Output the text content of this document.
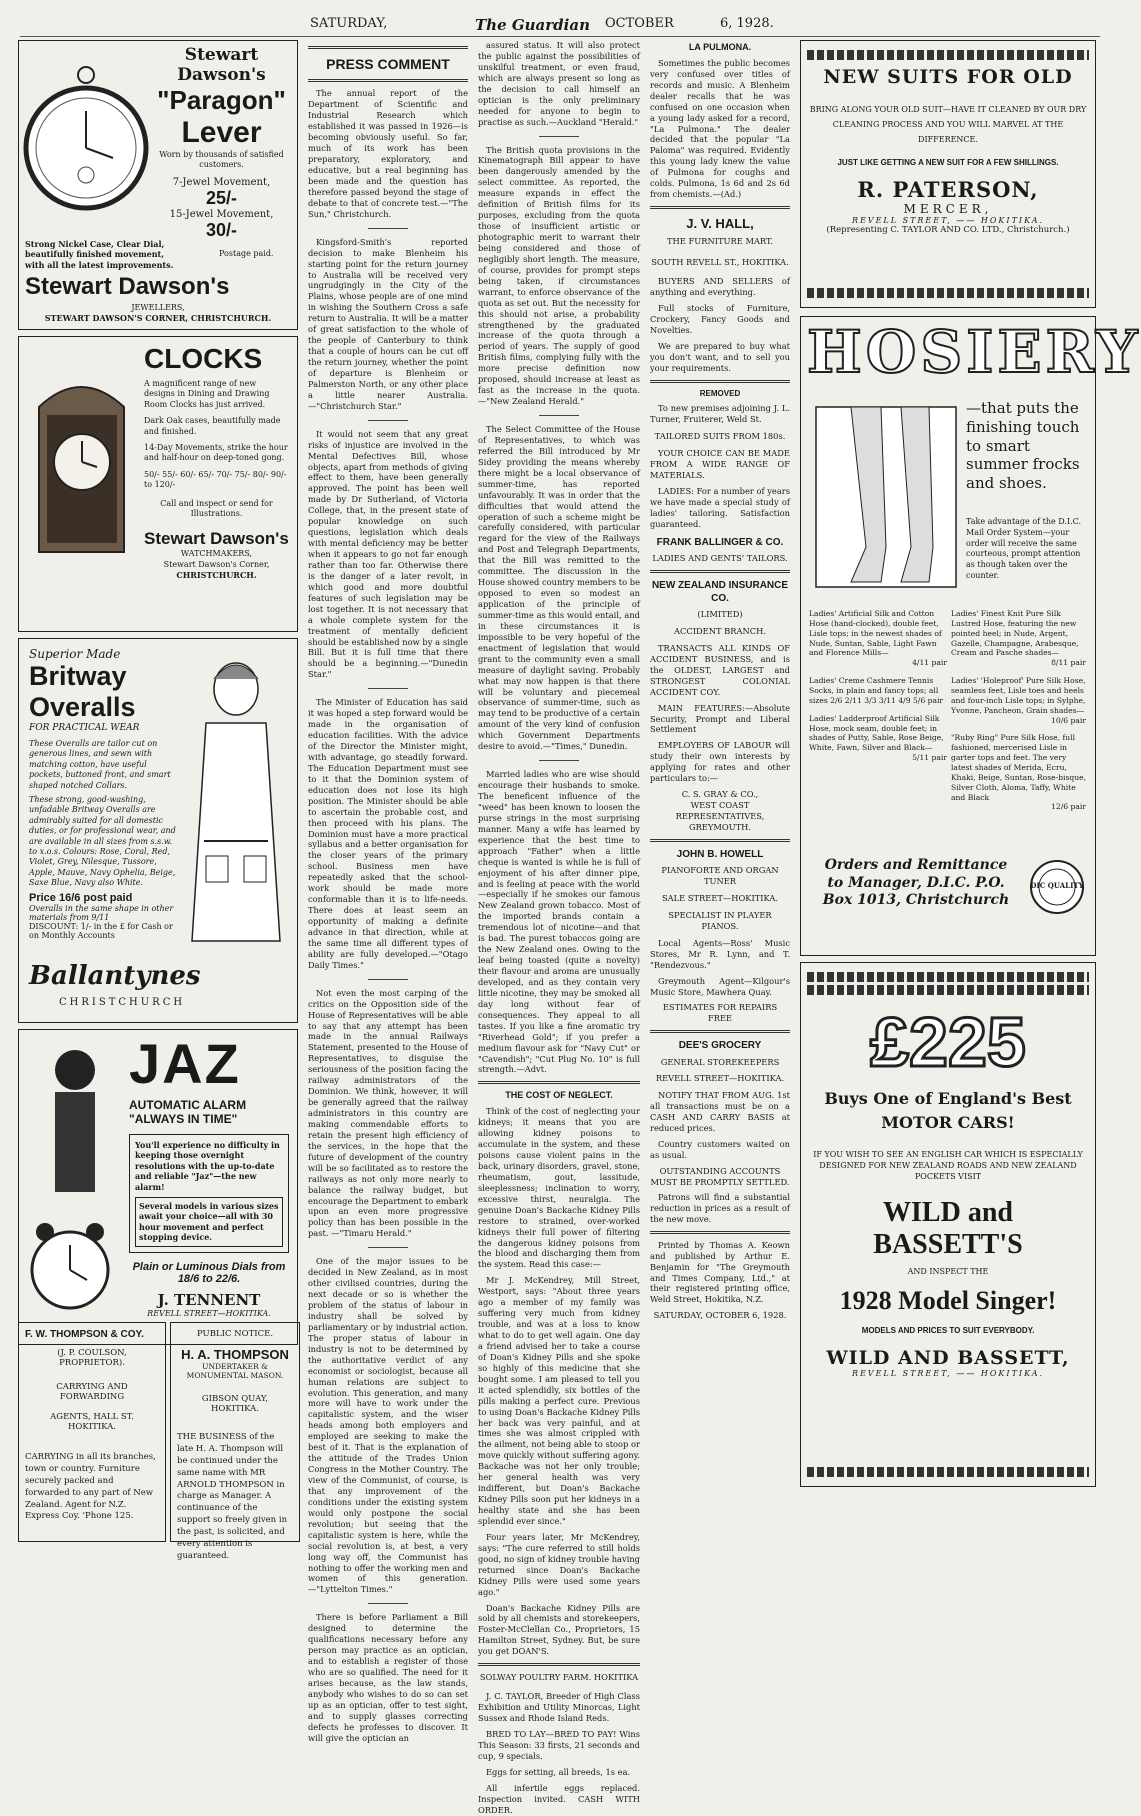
SATURDAY,	The Guardian OCTOBER	6, 1928.
Stewart Dawson's
"Paragon"
Lever
Worn by thousands of satisfied customers.
7-Jewel Movement,
25/-
15-Jewel Movement,
30/-
Strong Nickel Case, Clear Dial, beautifully finished movement, with all the latest improvements.
Postage paid.
Stewart Dawson's
JEWELLERS,
STEWART DAWSON'S CORNER, CHRISTCHURCH.
CLOCKS
A magnificent range of new designs in Dining and Drawing Room Clocks has just arrived.
Dark Oak cases, beautifully made and finished.
14-Day Movements, strike the hour and half-hour on deep-toned gong.
50/- 55/- 60/- 65/- 70/- 75/- 80/- 90/- to 120/-
Call and inspect or send for Illustrations.
Stewart Dawson's
WATCHMAKERS,
Stewart Dawson's Corner,
CHRISTCHURCH.
Superior Made
Britway
Overalls
FOR PRACTICAL WEAR
These Overalls are tailor cut on generous lines, and sewn with matching cotton, have useful pockets, buttoned front, and smart shaped notched Collars.
These strong, good-washing, unfadable Britway Overalls are admirably suited for all domestic duties, or for professional wear, and are available in all sizes from s.s.w. to x.o.s. Colours: Rose, Coral, Red, Violet, Grey, Nilesque, Tussore, Apple, Mauve, Navy Ophelia, Beige, Saxe Blue, Navy also White.
Price 16/6 post paid
Overalls in the same shape in other materials from 9/11
DISCOUNT: 1/- in the £ for Cash or on Monthly Accounts
Ballantynes
CHRISTCHURCH
JAZ
AUTOMATIC ALARM
"ALWAYS IN TIME"
You'll experience no difficulty in keeping those overnight resolutions with the up-to-date and reliable "Jaz"—the new alarm!
Several models in various sizes await your choice—all with 30 hour movement and perfect stopping device.
Plain or Luminous Dials from 18/6 to 22/6.
J. TENNENT
REVELL STREET—HOKITIKA.
F. W. THOMPSON & COY.
(J. P. COULSON, PROPRIETOR).
CARRYING AND FORWARDING
AGENTS, HALL ST. HOKITIKA.
CARRYING in all its branches, town or country. Furniture securely packed and forwarded to any part of New Zealand. Agent for N.Z. Express Coy. 'Phone 125.
PUBLIC NOTICE.
H. A. THOMPSON
UNDERTAKER & MONUMENTAL MASON.
GIBSON QUAY, HOKITIKA.
THE BUSINESS of the late H. A. Thompson will be continued under the same name with MR ARNOLD THOMPSON in charge as Manager. A continuance of the support so freely given in the past, is solicited, and every attention is guaranteed.
PRESS COMMENT

The annual report of the Department of Scientific and Industrial Research which established it was passed in 1926—is becoming obviously useful. So far, much of its work has been preparatory, exploratory, and educative, but a real beginning has been made and the question has therefore passed beyond the stage of debate to that of concrete test.—"The Sun," Christchurch.

Kingsford-Smith's reported decision to make Blenheim his starting point for the return journey to Australia will be received very ungrudgingly in the City of the Plains, whose people are of one mind in wishing the Southern Cross a safe return to Australia. It will be a matter of great satisfaction to the whole of the people of Canterbury to think that a couple of hours can be cut off the return journey, whether the point of departure is Blenheim or Palmerston North, or any other place a little nearer Australia.—"Christchurch Star."

It would not seem that any great risks of injustice are involved in the Mental Defectives Bill, whose objects, apart from methods of giving effect to them, have been generally approved. The point has been well made by Dr Sutherland, of Victoria College, that, in the present state of popular knowledge on such questions, legislation which deals with mental deficiency may be better when it appears to go not far enough rather than too far. Otherwise there is the danger of a later revolt, in which good and more doubtful features of such legislation may be lost together. It is not necessary that a whole complete system for the treatment of mentally deficient should be established now by a single Bill. But it is full time that there should be a beginning.—"Dunedin Star."

The Minister of Education has said it was hoped a step forward would be made in the organisation of education facilities. With the advice of the Director the Minister might, with advantage, go steadily forward. The Education Department must see to it that the Dominion system of education does not lose its high position. The Minister should be able to ascertain the probable cost, and then proceed with his plans. The Dominion must have a more practical syllabus and a better organisation for the closer years of the primary school. Business men have repeatedly asked that the school-work should be made more conformable than it is to life-needs. There does at least seem an opportunity of making a definite advance in that direction, while at the same time all different types of ability are fully developed.—"Otago Daily Times."

Not even the most carping of the critics on the Opposition side of the House of Representatives will be able to say that any attempt has been made in the annual Railways Statement, presented to the House of Representatives, to disguise the seriousness of the position facing the railway administrators of the Dominion. We think, however, it will be generally agreed that the railway administrators in this country are making commendable efforts to retain the present high efficiency of the services, in the hope that the future of development of the country will be so facilitated as to restore the railways as not only more nearly to balance the railway budget, but encourage the Department to embark upon an even more progressive policy than has been possible in the past. —"Timaru Herald."

One of the major issues to be decided in New Zealand, as in most other civilised countries, during the next decade or so is whether the problem of the status of labour in industry shall be solved by parliamentary or by industrial action. The proper status of labour in industry is not to be determined by the authoritative verdict of any economist or sociologist, because all human relations are subject to evolution. This generation, and many more will have to work under the capitalistic system, and the wiser heads among both employers and employed are seeking to make the best of it. That is the explanation of the attitude of the Trades Union Congress in the Mother Country. The view of the Communist, of course, is that any improvement of the conditions under the existing system would only postpone the social revolution; but seeing that the capitalistic system is here, while the social revolution is, at best, a very long way off, the Communist has nothing to offer the working men and women of this generation.—"Lyttelton Times."

There is before Parliament a Bill designed to determine the qualifications necessary before any person may practice as an optician, and to establish a register of those who are so qualified. The need for it arises because, as the law stands, anybody who wishes to do so can set up as an optician, offer to test sight, and to supply glasses correcting defects he professes to discover. It will give the optician an

assured status. It will also protect the public against the possibilities of unskilful treatment, or even fraud, which are always present so long as the decision to call himself an optician is the only preliminary needed for anyone to begin to practise as such.—Auckland "Herald."

The British quota provisions in the Kinematograph Bill appear to have been dangerously amended by the select committee. As reported, the measure expands in effect the definition of British films for its purposes, excluding from the quota those of insufficient artistic or photographic merit to warrant their being considered and those of negligibly short length. The measure, of course, provides for prompt steps being taken, if circumstances warrant, to enforce observance of the quota as set out. But the necessity for this should not arise, a probability strengthened by the graduated increase of the quota through a period of years. The supply of good British films, complying fully with the more precise definition now proposed, should increase at least as fast as the increase in the quota.—"New Zealand Herald."

The Select Committee of the House of Representatives, to which was referred the Bill introduced by Mr Sidey providing the means whereby there might be a local observance of summer-time, has reported unfavourably. It was in order that the difficulties that would attend the operation of such a scheme might be carefully considered, with particular regard for the view of the Railways and Post and Telegraph Departments, that the Bill was remitted to the committee. The discussion in the House showed country members to be opposed to even so modest an application of the principle of summer-time as this would entail, and in these circumstances it is impossible to be very hopeful of the enactment of legislation that would grant to the community even a small measure of daylight saving. Probably what may now happen is that there will be voluntary and piecemeal observance of summer-time, such as may tend to be productive of a certain amount of the very kind of confusion which Government Departments desire to avoid.—"Times," Dunedin.

Married ladies who are wise should encourage their husbands to smoke. The beneficent influence of the "weed" has been known to loosen the purse strings in the most surprising manner. Many a wife has learned by experience that the best time to approach "Father" when a little cheque is wanted is while he is full of enjoyment of his after dinner pipe, and is feeling at peace with the world—especially if he smokes our famous New Zealand grown tobacco. Most of the imported brands contain a tremendous lot of nicotine—and that is bad. The purest tobaccos going are the New Zealand ones. Owing to the leaf being toasted (quite a novelty) their flavour and aroma are unusually developed, and as they contain very little nicotine, they may be smoked all day long without fear of consequences. They appeal to all tastes. If you like a fine aromatic try "Riverhead Gold"; if you prefer a medium flavour ask for "Navy Cut" or "Cavendish"; "Cut Plug No. 10" is full strength.—Advt.

THE COST OF NEGLECT.

Think of the cost of neglecting your kidneys; it means that you are allowing kidney poisons to accumulate in the system, and these poisons cause violent pains in the back, urinary disorders, gravel, stone, rheumatism, gout, lassitude, sleeplessness; inclination to worry, excessive thirst, neuralgia. The genuine Doan's Backache Kidney Pills restore to strained, over-worked kidneys their full power of filtering the dangerous kidney poisons from the blood and discharging them from the system. Read this case:—

Mr J. McKendrey, Mill Street, Westport, says: "About three years ago a member of my family was suffering very much from kidney trouble, and was at a loss to know what to do to get well again. One day a friend advised her to take a course of Doan's Kidney Pills and she spoke so highly of this medicine that she bought some. I am pleased to tell you it acted splendidly, six bottles of the pills making a perfect cure. Previous to using Doan's Backache Kidney Pills her back was very painful, and at times she was almost crippled with the ailment, not being able to stoop or move quickly without suffering agony. Backache was not her only trouble; her general health was very indifferent, but Doan's Backache Kidney Pills soon put her kidneys in a healthy state and she has been splendid ever since."

Four years later, Mr McKendrey, says: "The cure referred to still holds good, no sign of kidney trouble having returned since Doan's Backache Kidney Pills were used some years ago."

Doan's Backache Kidney Pills are sold by all chemists and storekeepers, Foster-McClellan Co., Proprietors, 15 Hamilton Street, Sydney. But, be sure you get DOAN'S.

SOLWAY POULTRY FARM. HOKITIKA

J. C. TAYLOR, Breeder of High Class Exhibition and Utility Minorcas, Light Sussex and Rhode Island Reds.

BRED TO LAY—BRED TO PAY! Wins This Season: 33 firsts, 21 seconds and cup, 9 specials.

Eggs for setting, all breeds, 1s ea.

All infertile eggs replaced. Inspection invited. CASH WITH ORDER.

LA PULMONA.

Sometimes the public becomes very confused over titles of records and music. A Blenheim dealer recalls that he was confused on one occasion when a young lady asked for a record, "La Pulmona." The dealer decided that the popular "La Paloma" was required. Evidently this young lady knew the value of Pulmona for coughs and colds. Pulmona, 1s 6d and 2s 6d from chemists.—(Ad.)

J. V. HALL,
THE FURNITURE MART.
SOUTH REVELL ST., HOKITIKA.

BUYERS AND SELLERS of anything and everything.

Full stocks of Furniture, Crockery, Fancy Goods and Novelties.

We are prepared to buy what you don't want, and to sell you your requirements.

REMOVED

To new premises adjoining J. L. Turner, Fruiterer, Weld St.

TAILORED SUITS FROM 180s.

YOUR CHOICE CAN BE MADE FROM A WIDE RANGE OF MATERIALS.

LADIES: For a number of years we have made a special study of ladies' tailoring. Satisfaction guaranteed.

FRANK BALLINGER & CO.
LADIES AND GENTS' TAILORS.
NEW ZEALAND INSURANCE CO.
(LIMITED)
ACCIDENT BRANCH.

TRANSACTS ALL KINDS OF ACCIDENT BUSINESS, and is the OLDEST, LARGEST and STRONGEST COLONIAL ACCIDENT COY.

MAIN FEATURES:—Absolute Security, Prompt and Liberal Settlement

EMPLOYERS OF LABOUR will study their own interests by applying for rates and other particulars to:—

C. S. GRAY & CO.,
WEST COAST REPRESENTATIVES,
GREYMOUTH.
JOHN B. HOWELL
PIANOFORTE AND ORGAN TUNER
SALE STREET—HOKITIKA.
SPECIALIST IN PLAYER PIANOS.

Local Agents—Ross' Music Stores, Mr R. Lynn, and T. "Rendezvous."

Greymouth Agent—Kilgour's Music Store, Mawhera Quay.

ESTIMATES FOR REPAIRS FREE
DEE'S GROCERY
GENERAL STOREKEEPERS
REVELL STREET—HOKITIKA.

NOTIFY THAT FROM AUG. 1st all transactions must be on a CASH AND CARRY BASIS at reduced prices.

Country customers waited on as usual.

OUTSTANDING ACCOUNTS MUST BE PROMPTLY SETTLED.

Patrons will find a substantial reduction in prices as a result of the new move.

Printed by Thomas A. Keown and published by Arthur E. Benjamin for "The Greymouth and Times Company, Ltd.," at their registered printing office, Weld Street, Hokitika, N.Z.

SATURDAY, OCTOBER 6, 1928.
NEW SUITS FOR OLD
BRING ALONG YOUR OLD SUIT—HAVE IT CLEANED BY OUR DRY CLEANING PROCESS AND YOU WILL MARVEL AT THE DIFFERENCE.
JUST LIKE GETTING A NEW SUIT FOR A FEW SHILLINGS.
R. PATERSON,
MERCER,
REVELL STREET, —— HOKITIKA.
(Representing C. TAYLOR AND CO. LTD., Christchurch.)
HOSIERY
—that puts the finishing touch to smart summer frocks and shoes.
Take advantage of the D.I.C. Mail Order System—your order will receive the same courteous, prompt attention as though taken over the counter.
Ladies' Artificial Silk and Cotton Hose (hand-clocked), double feet, Lisle tops; in the newest shades of Nude, Suntan, Sable, Light Fawn and Florence Mills—
4/11 pair
Ladies' Creme Cashmere Tennis Socks, in plain and fancy tops; all sizes 2/6 2/11 3/3 3/11 4/9 5/6 pair
Ladies' Ladderproof Artificial Silk Hose, mock seam, double feet; in shades of Putty, Sable, Rose Beige, White, Fawn, Silver and Black—
5/11 pair
Ladies' Finest Knit Pure Silk Lustred Hose, featuring the new pointed heel; in Nude, Argent, Gazelle, Champagne, Arabesque, Cream and Pasche shades—
8/11 pair
Ladies' 'Holeproof' Pure Silk Hose, seamless feet, Lisle toes and heels and four-inch Lisle tops; in Sylphe, Yvonne, Pancheon, Grain shades—
10/6 pair
"Ruby Ring" Pure Silk Hose, full fashioned, mercerised Lisle in garter tops and feet. The very latest shades of Merida, Ecru, Khaki, Beige, Suntan, Rose-bisque, Silver Cloth, Aloma, Taffy, White and Black
12/6 pair
Orders and Remittance to Manager, D.I.C. P.O. Box 1013, Christchurch
DIC QUALITY
£225
Buys One of England's Best MOTOR CARS!
IF YOU WISH TO SEE AN ENGLISH CAR WHICH IS ESPECIALLY DESIGNED FOR NEW ZEALAND ROADS AND NEW ZEALAND POCKETS VISIT
WILD and BASSETT'S
AND INSPECT THE
1928 Model Singer!
MODELS AND PRICES TO SUIT EVERYBODY.
WILD AND BASSETT,
REVELL STREET, —— HOKITIKA.
